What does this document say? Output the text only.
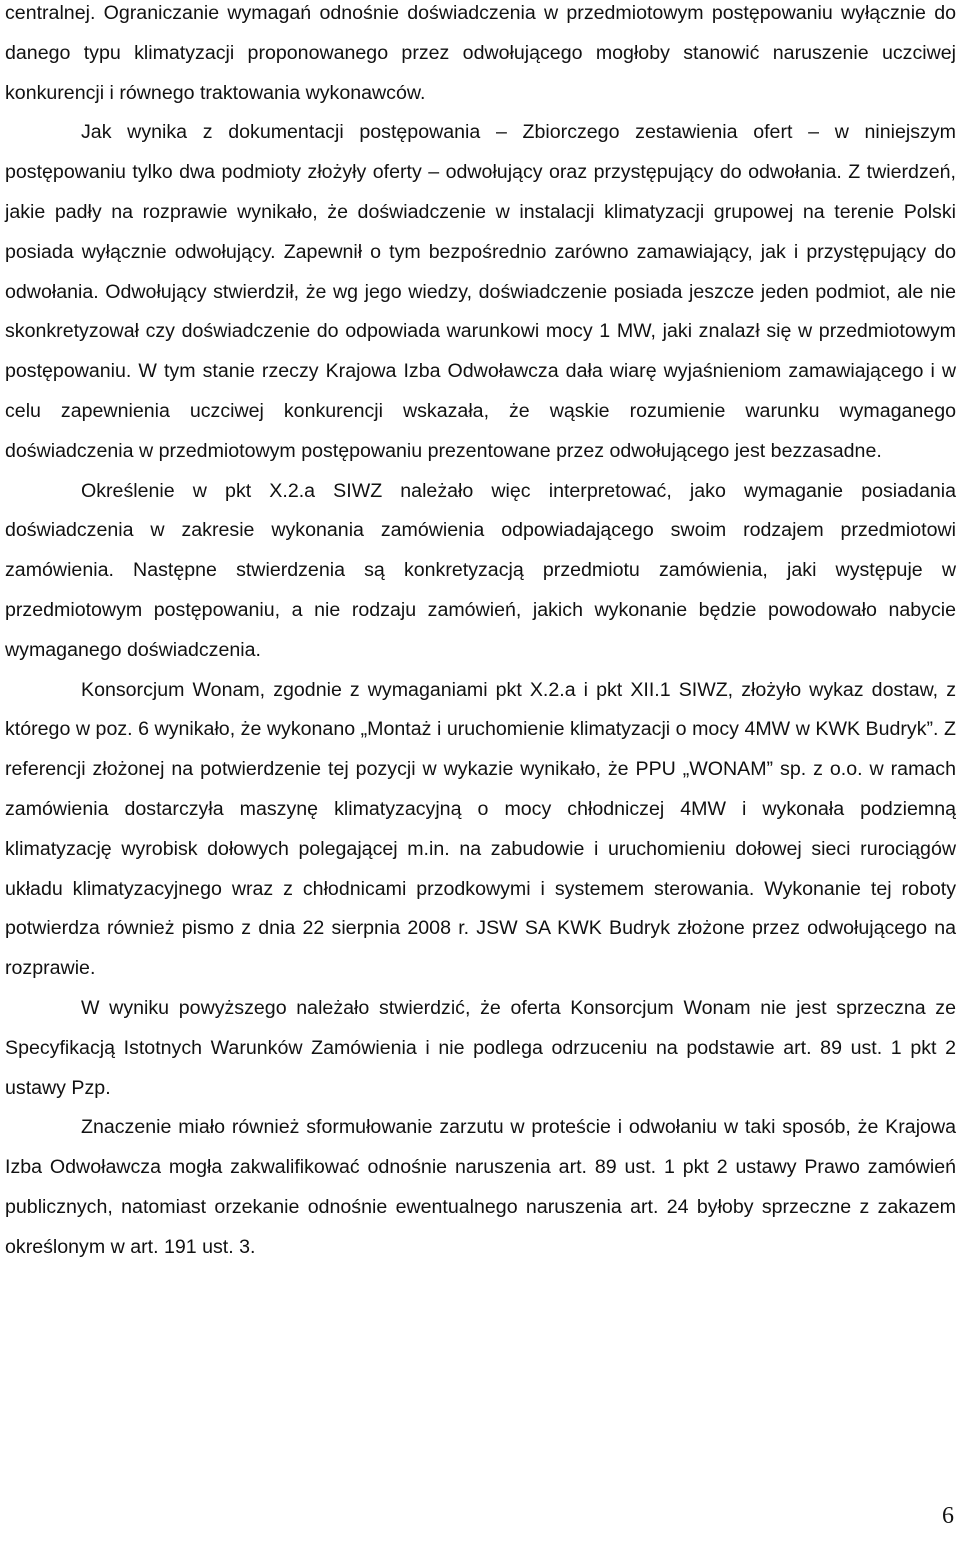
centralnej. Ograniczanie wymagań odnośnie doświadczenia w przedmiotowym postępowaniu wyłącznie do danego typu klimatyzacji proponowanego przez odwołującego mogłoby stanowić naruszenie uczciwej konkurencji i równego traktowania wykonawców.

Jak wynika z dokumentacji postępowania – Zbiorczego zestawienia ofert – w niniejszym postępowaniu tylko dwa podmioty złożyły oferty – odwołujący oraz przystępujący do odwołania. Z twierdzeń, jakie padły na rozprawie wynikało, że doświadczenie w instalacji klimatyzacji grupowej na terenie Polski posiada wyłącznie odwołujący. Zapewnił o tym bezpośrednio zarówno zamawiający, jak i przystępujący do odwołania. Odwołujący stwierdził, że wg jego wiedzy, doświadczenie posiada jeszcze jeden podmiot, ale nie skonkretyzował czy doświadczenie do odpowiada warunkowi mocy 1 MW, jaki znalazł się w przedmiotowym postępowaniu. W tym stanie rzeczy Krajowa Izba Odwoławcza dała wiarę wyjaśnieniom zamawiającego i w celu zapewnienia uczciwej konkurencji wskazała, że wąskie rozumienie warunku wymaganego doświadczenia w przedmiotowym postępowaniu prezentowane przez odwołującego jest bezzasadne.

Określenie w pkt X.2.a SIWZ należało więc interpretować, jako wymaganie posiadania doświadczenia w zakresie wykonania zamówienia odpowiadającego swoim rodzajem przedmiotowi zamówienia. Następne stwierdzenia są konkretyzacją przedmiotu zamówienia, jaki występuje w przedmiotowym postępowaniu, a nie rodzaju zamówień, jakich wykonanie będzie powodowało nabycie wymaganego doświadczenia.

Konsorcjum Wonam, zgodnie z wymaganiami pkt X.2.a i pkt XII.1 SIWZ, złożyło wykaz dostaw, z którego w poz. 6 wynikało, że wykonano „Montaż i uruchomienie klimatyzacji o mocy 4MW w KWK Budryk”. Z referencji złożonej na potwierdzenie tej pozycji w wykazie wynikało, że PPU „WONAM” sp. z o.o. w ramach zamówienia dostarczyła maszynę klimatyzacyjną o mocy chłodniczej 4MW i wykonała podziemną klimatyzację wyrobisk dołowych polegającej m.in. na zabudowie i uruchomieniu dołowej sieci rurociągów układu klimatyzacyjnego wraz z chłodnicami przodkowymi i systemem sterowania. Wykonanie tej roboty potwierdza również pismo z dnia 22 sierpnia 2008 r. JSW SA KWK Budryk złożone przez odwołującego na rozprawie.

W wyniku powyższego należało stwierdzić, że oferta Konsorcjum Wonam nie jest sprzeczna ze Specyfikacją Istotnych Warunków Zamówienia i nie podlega odrzuceniu na podstawie art. 89 ust. 1 pkt 2 ustawy Pzp.

Znaczenie miało również sformułowanie zarzutu w proteście i odwołaniu w taki sposób, że Krajowa Izba Odwoławcza mogła zakwalifikować odnośnie naruszenia art. 89 ust. 1 pkt 2 ustawy Prawo zamówień publicznych, natomiast orzekanie odnośnie ewentualnego naruszenia art. 24 byłoby sprzeczne z zakazem określonym w art. 191 ust. 3.

6
